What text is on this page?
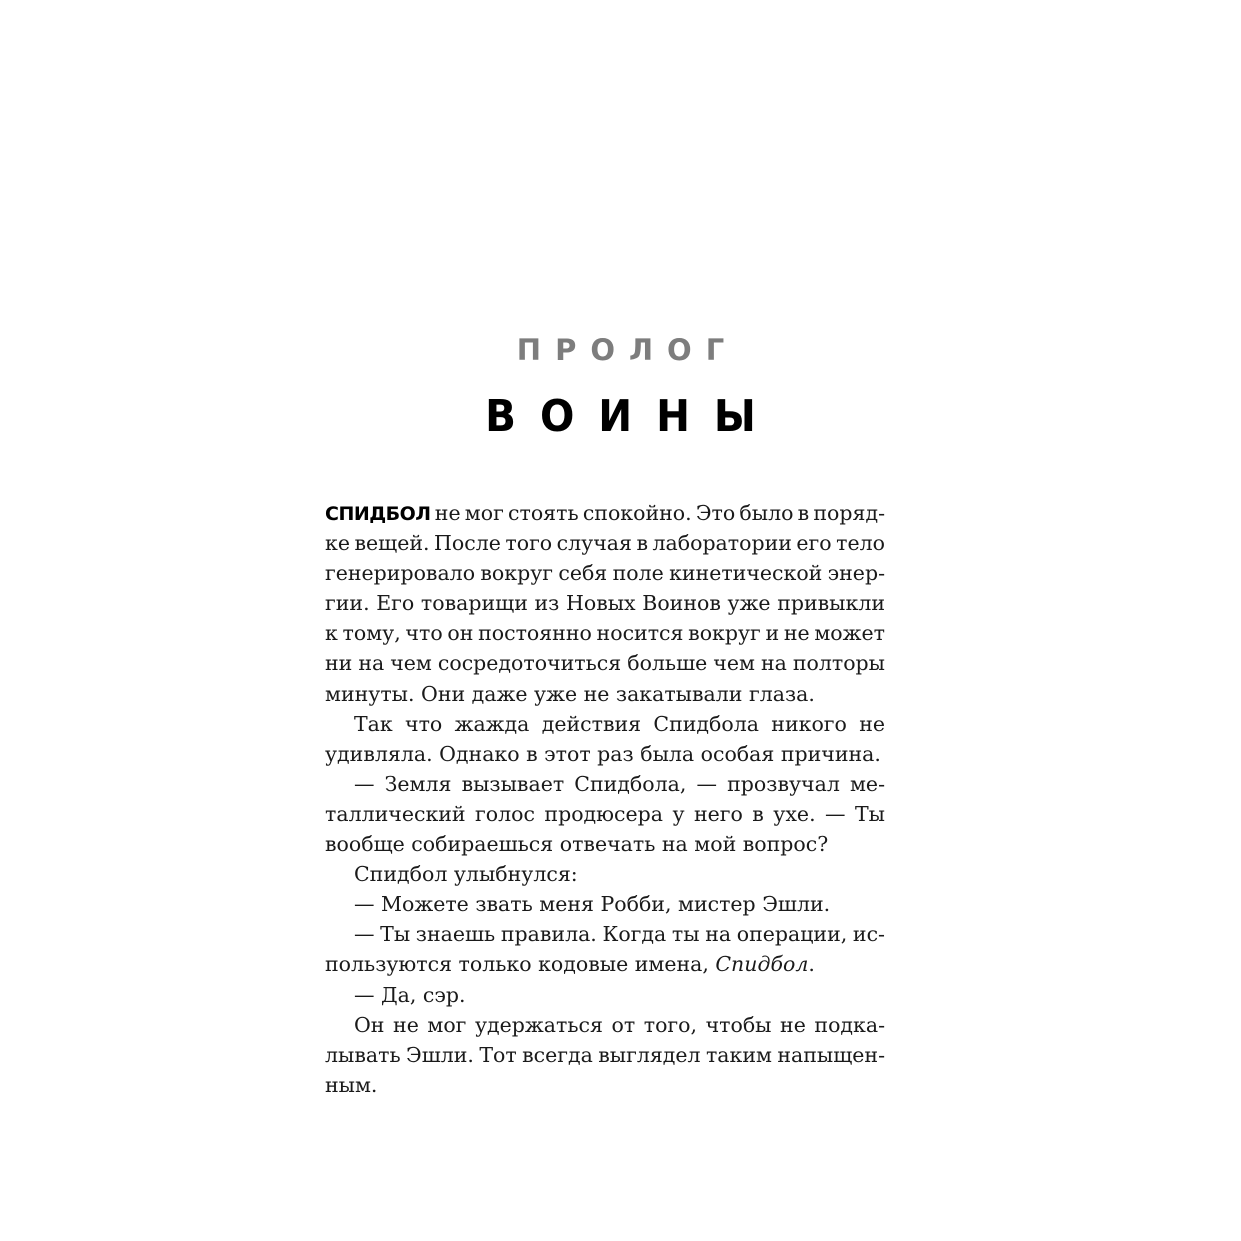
ПРОЛОГ
ВОИНЫ
СПИДБОЛ не мог стоять спокойно. Это было в поряд-
ке вещей. После того случая в лаборатории его тело
генерировало вокруг себя поле кинетической энер-
гии. Его товарищи из Новых Воинов уже привыкли
к тому, что он постоянно носится вокруг и не может
ни на чем сосредоточиться больше чем на полторы
минуты. Они даже уже не закатывали глаза.
Так что жажда действия Спидбола никого не
удивляла. Однако в этот раз была особая причина.
— Земля вызывает Спидбола, — прозвучал ме-
таллический голос продюсера у него в ухе. — Ты
вообще собираешься отвечать на мой вопрос?
Спидбол улыбнулся:
— Можете звать меня Робби, мистер Эшли.
— Ты знаешь правила. Когда ты на операции, ис-
пользуются только кодовые имена, Спидбол.
— Да, сэр.
Он не мог удержаться от того, чтобы не подка-
лывать Эшли. Тот всегда выглядел таким напыщен-
ным.
